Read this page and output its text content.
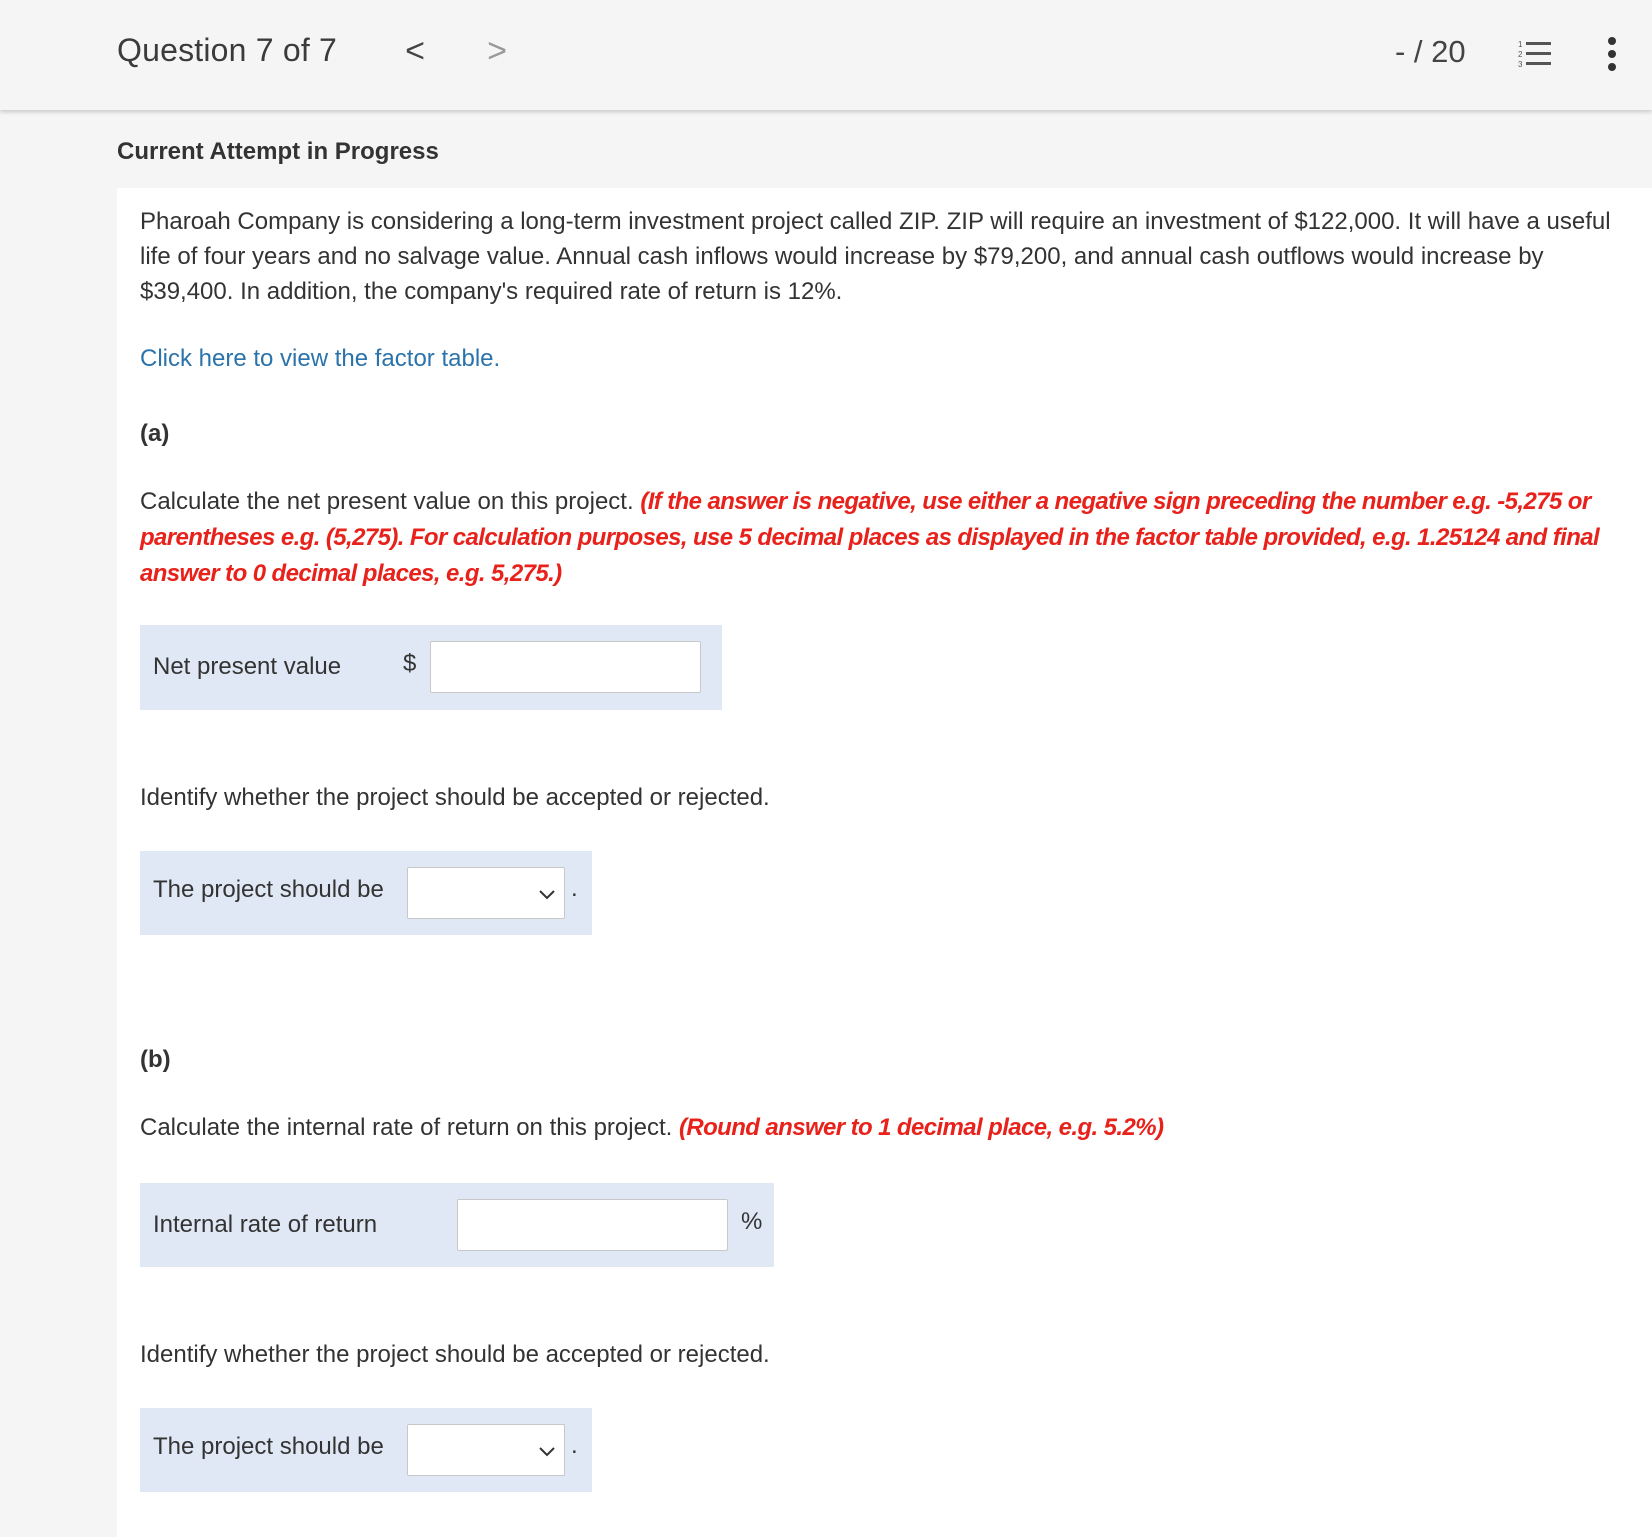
Question 7 of 7 < >	- / 20	1
2
3
Current Attempt in Progress
Pharoah Company is considering a long-term investment project called ZIP. ZIP will require an investment of $122,000. It will have a useful life of four years and no salvage value. Annual cash inflows would increase by $79,200, and annual cash outflows would increase by $39,400. In addition, the company's required rate of return is 12%.
Click here to view the factor table.
(a)
Calculate the net present value on this project. (If the answer is negative, use either a negative sign preceding the number e.g. -5,275 or parentheses e.g. (5,275). For calculation purposes, use 5 decimal places as displayed in the factor table provided, e.g. 1.25124 and final answer to 0 decimal places, e.g. 5,275.)
Net present value	$
Identify whether the project should be accepted or rejected.
The project should be	.
(b)
Calculate the internal rate of return on this project. (Round answer to 1 decimal place, e.g. 5.2%)
Internal rate of return	%
Identify whether the project should be accepted or rejected.
The project should be	.
